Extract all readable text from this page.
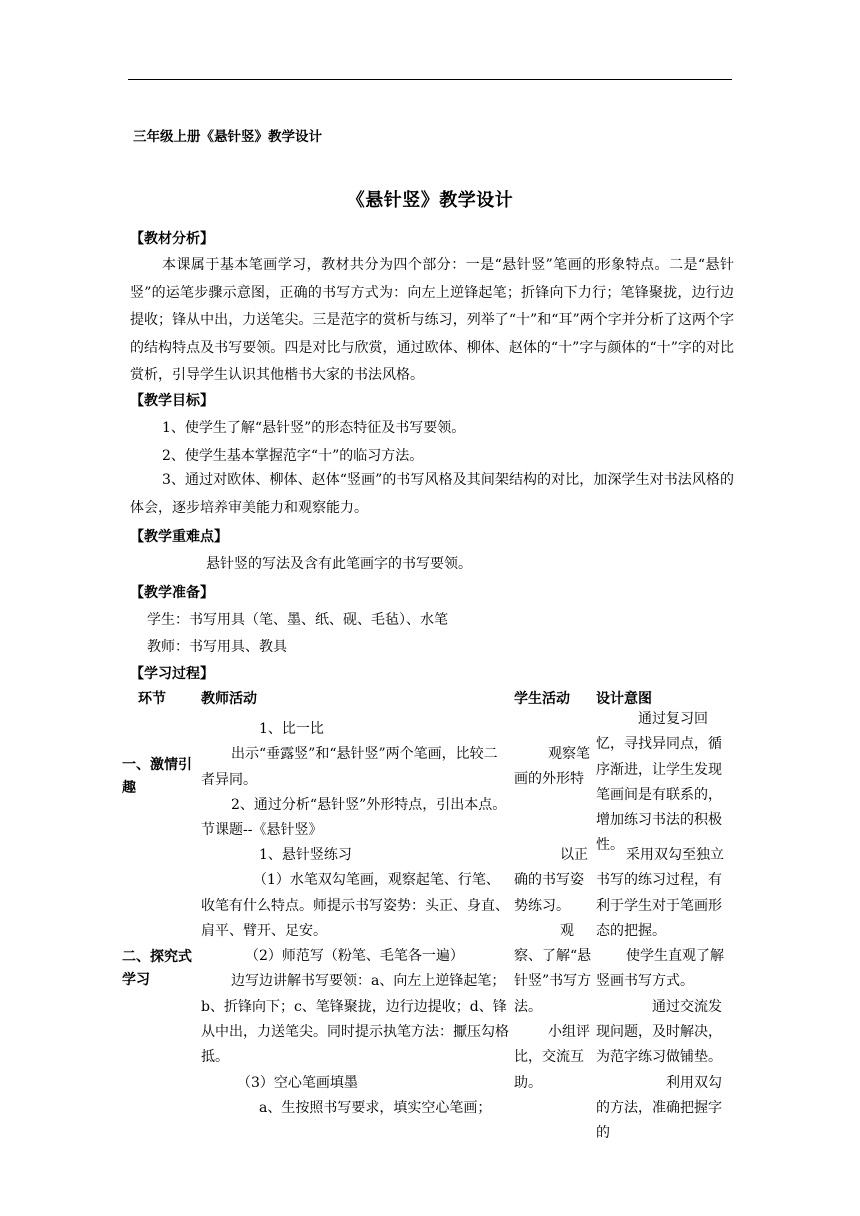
三年级上册《悬针竖》教学设计
《悬针竖》教学设计
【教材分析】
本课属于基本笔画学习，教材共分为四个部分：一是“悬针竖”笔画的形象特点。二是“悬针竖”的运笔步骤示意图，正确的书写方式为：向左上逆锋起笔；折锋向下力行；笔锋聚拢，边行边提收；锋从中出，力送笔尖。三是范字的赏析与练习，列举了“十”和“耳”两个字并分析了这两个字的结构特点及书写要领。四是对比与欣赏，通过欧体、柳体、赵体的“十”字与颜体的“十”字的对比赏析，引导学生认识其他楷书大家的书法风格。
【教学目标】
1、使学生了解“悬针竖”的形态特征及书写要领。
2、使学生基本掌握范字“十”的临习方法。
3、通过对欧体、柳体、赵体“竖画”的书写风格及其间架结构的对比，加深学生对书法风格的体会，逐步培养审美能力和观察能力。
【教学重难点】
悬针竖的写法及含有此笔画字的书写要领。
【教学准备】
学生：书写用具（笔、墨、纸、砚、毛毡）、水笔
教师：书写用具、教具
【学习过程】
环节	教师活动	学生活动 设计意图
一、激情引趣
1、比一比
出示“垂露竖”和“悬针竖”两个笔画，比较二者异同。
2、通过分析“悬针竖”外形特点，引出本点。节课题--《悬针竖》
观察笔画的外形特
通过复习回忆，寻找异同点，循序渐进，让学生发现笔画间是有联系的，增加练习书法的积极性。
二、探究式学习
1、悬针竖练习
（1）水笔双勾笔画，观察起笔、行笔、收笔有什么特点。师提示书写姿势：头正、身直、肩平、臂开、足安。
（2）师范写（粉笔、毛笔各一遍）
边写边讲解书写要领：a、向左上逆锋起笔；b、折锋向下；c、笔锋聚拢，边行边提收；d、锋从中出，力送笔尖。同时提示执笔方法：擫压勾格抵。
（3）空心笔画填墨
a、生按照书写要求，填实空心笔画；
以正确的书写姿势练习。
观察、了解“悬针竖”书写方法。
小组评比，交流互助。
采用双勾至独立书写的练习过程，有利于学生对于笔画形态的把握。
使学生直观了解竖画书写方式。
通过交流发现问题，及时解决，为范字练习做铺垫。
利用双勾的方法，准确把握字的
